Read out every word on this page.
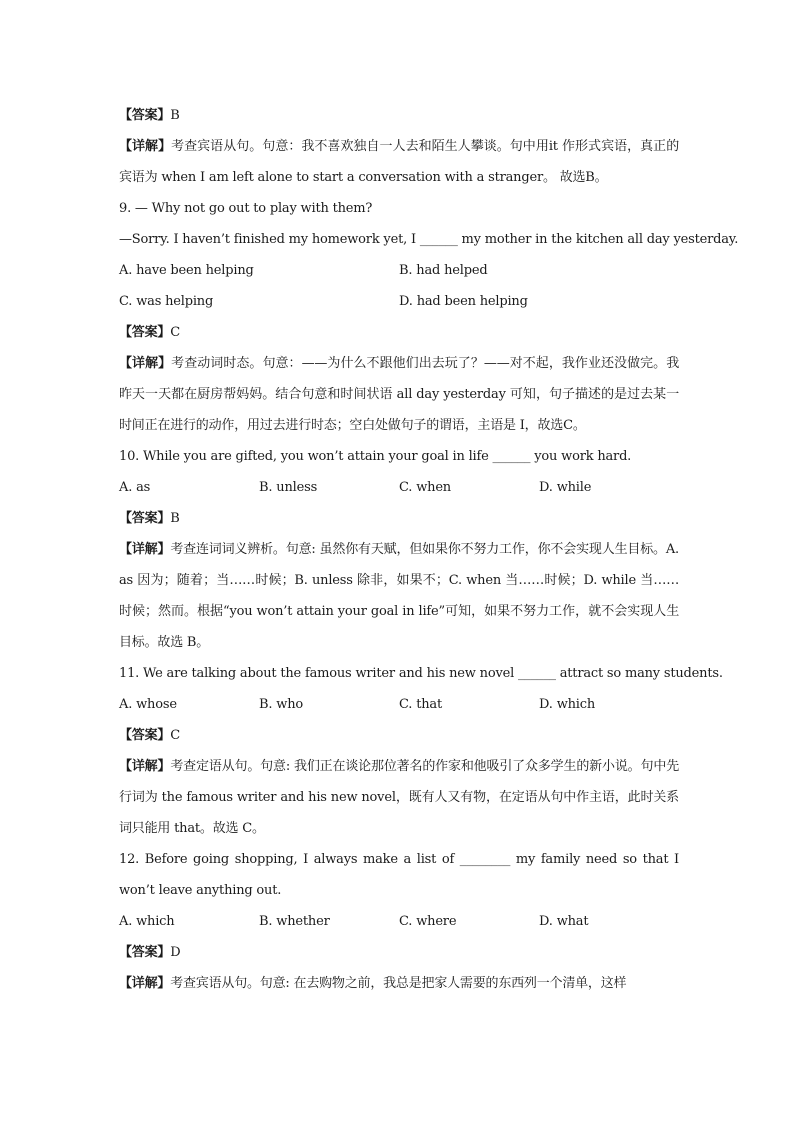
【答案】B
【详解】考查宾语从句。句意：我不喜欢独自一人去和陌生人攀谈。句中用it 作形式宾语，真正的宾语为 when I am left alone to start a conversation with a stranger。 故选B。
9. — Why not go out to play with them?
—Sorry. I haven’t finished my homework yet, I ______ my mother in the kitchen all day yesterday.
A. have been helping	B. had helped
C. was helping	D. had been helping
【答案】C
【详解】考查动词时态。句意：——为什么不跟他们出去玩了？——对不起，我作业还没做完。我昨天一天都在厨房帮妈妈。结合句意和时间状语 all day yesterday 可知，句子描述的是过去某一时间正在进行的动作，用过去进行时态；空白处做句子的谓语，主语是 I，故选C。
10. While you are gifted, you won’t attain your goal in life ______ you work hard.
A. as	B. unless	C. when	D. while
【答案】B
【详解】考查连词词义辨析。句意: 虽然你有天赋，但如果你不努力工作，你不会实现人生目标。A. as 因为；随着；当……时候；B. unless 除非，如果不；C. when 当……时候；D. while 当……时候；然而。根据“you won’t attain your goal in life”可知，如果不努力工作，就不会实现人生目标。故选 B。
11. We are talking about the famous writer and his new novel ______ attract so many students.
A. whose	B. who	C. that	D. which
【答案】C
【详解】考查定语从句。句意: 我们正在谈论那位著名的作家和他吸引了众多学生的新小说。句中先行词为 the famous writer and his new novel，既有人又有物，在定语从句中作主语，此时关系词只能用 that。故选 C。
12. Before going shopping, I always make a list of ________ my family need so that I won’t leave anything out.
A. which	B. whether	C. where	D. what
【答案】D
【详解】考查宾语从句。句意: 在去购物之前，我总是把家人需要的东西列一个清单，这样
